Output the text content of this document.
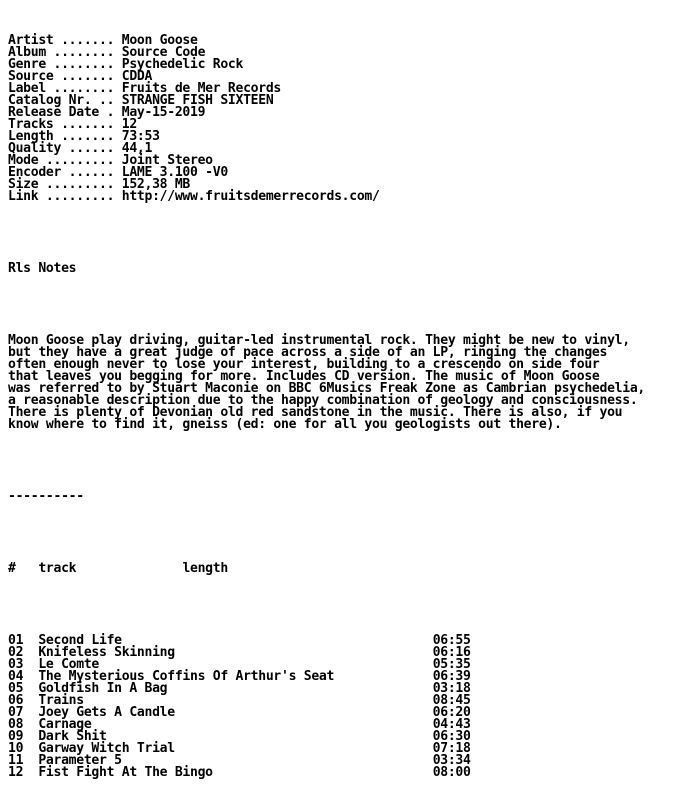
Artist ....... Moon Goose
Album ........ Source Code
Genre ........ Psychedelic Rock
Source ....... CDDA
Label ........ Fruits de Mer Records
Catalog Nr. .. STRANGE FISH SIXTEEN
Release Date . May-15-2019
Tracks ....... 12
Length ....... 73:53
Quality ...... 44,1
Mode ......... Joint Stereo
Encoder ...... LAME 3.100 -V0
Size ......... 152,38 MB
Link ......... http://www.fruitsdemerrecords.com/

Rls Notes

Moon Goose play driving, guitar-led instrumental rock. They might be new to vinyl,
but they have a great judge of pace across a side of an LP, ringing the changes
often enough never to lose your interest, building to a crescendo on side four
that leaves you begging for more. Includes CD version. The music of Moon Goose
was referred to by Stuart Maconie on BBC 6Musics Freak Zone as Cambrian psychedelia,
a reasonable description due to the happy combination of geology and consciousness.
There is plenty of Devonian old red sandstone in the music. There is also, if you
know where to find it, gneiss (ed: one for all you geologists out there).

----------

# track	length

01 Second Life	06:55
02 Knifeless Skinning	06:16
03 Le Comte	05:35
04 The Mysterious Coffins Of Arthur's Seat	06:39
05 Goldfish In A Bag	03:18
06 Trains	08:45
07 Joey Gets A Candle	06:20
08 Carnage	04:43
09 Dark Shit	06:30
10 Garway Witch Trial	07:18
11 Parameter 5	03:34
12 Fist Fight At The Bingo	08:00
